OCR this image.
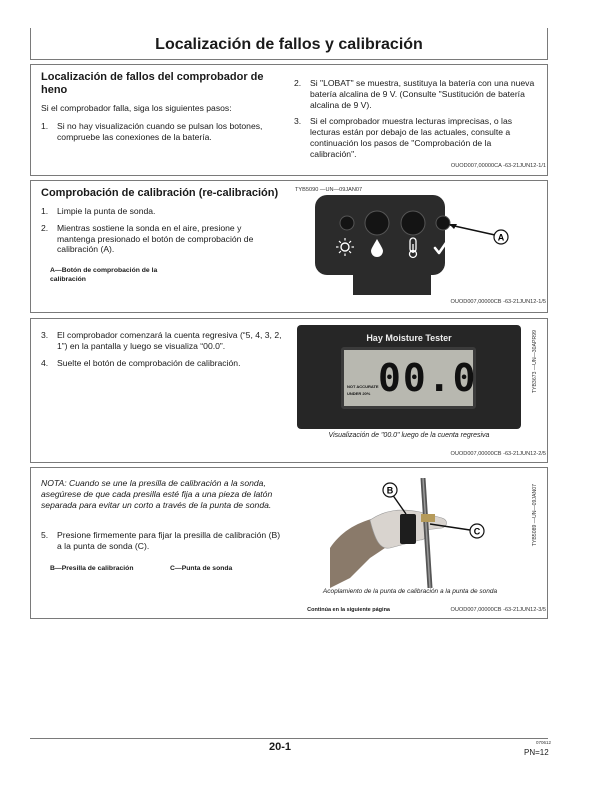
Localización de fallos y calibración
Localización de fallos del comprobador de heno
Si el comprobador falla, siga los siguientes pasos:
1. Si no hay visualización cuando se pulsan los botones, compruebe las conexiones de la batería.
2. Si "LOBAT" se muestra, sustituya la batería con una nueva batería alcalina de 9 V. (Consulte "Sustitución de batería alcalina de 9 V).
3. Si el comprobador muestra lecturas imprecisas, o las lecturas están por debajo de las actuales, consulte a continuación los pasos de "Comprobación de la calibración".
OUOD007,00000CA -63-21JUN12-1/1
Comprobación de calibración (re-calibración)
1. Limpie la punta de sonda.
2. Mientras sostiene la sonda en el aire, presione y mantenga presionado el botón de comprobación de calibración (A).
A—Botón de comprobación de la calibración
TYB5090 —UN—09JAN07
A
OUOD007,00000CB -63-21JUN12-1/5
3. El comprobador comenzará la cuenta regresiva (“5, 4, 3, 2, 1”) en la pantalla y luego se visualiza “00.0”.
4. Suelte el botón de comprobación de calibración.
Hay Moisture Tester
00.0
NOT ACCURATE
UNDER 20%
TYB3673 —UN—30APR99
Visualización de "00.0" luego de la cuenta regresiva
OUOD007,00000CB -63-21JUN12-2/5
NOTA: Cuando se une la presilla de calibración a la sonda, asegúrese de que cada presilla esté fija a una pieza de latón separada para evitar un corto a través de la punta de sonda.
5. Presione firmemente para fijar la presilla de calibración (B) a la punta de sonda (C).
B—Presilla de calibración	C—Punta de sonda
B
C	TYB5089 —UN—09JAN07
Acoplamiento de la punta de calibración a la punta de sonda
Continúa en la siguiente página	OUOD007,00000CB -63-21JUN12-3/5
20-1	070612
PN=12
